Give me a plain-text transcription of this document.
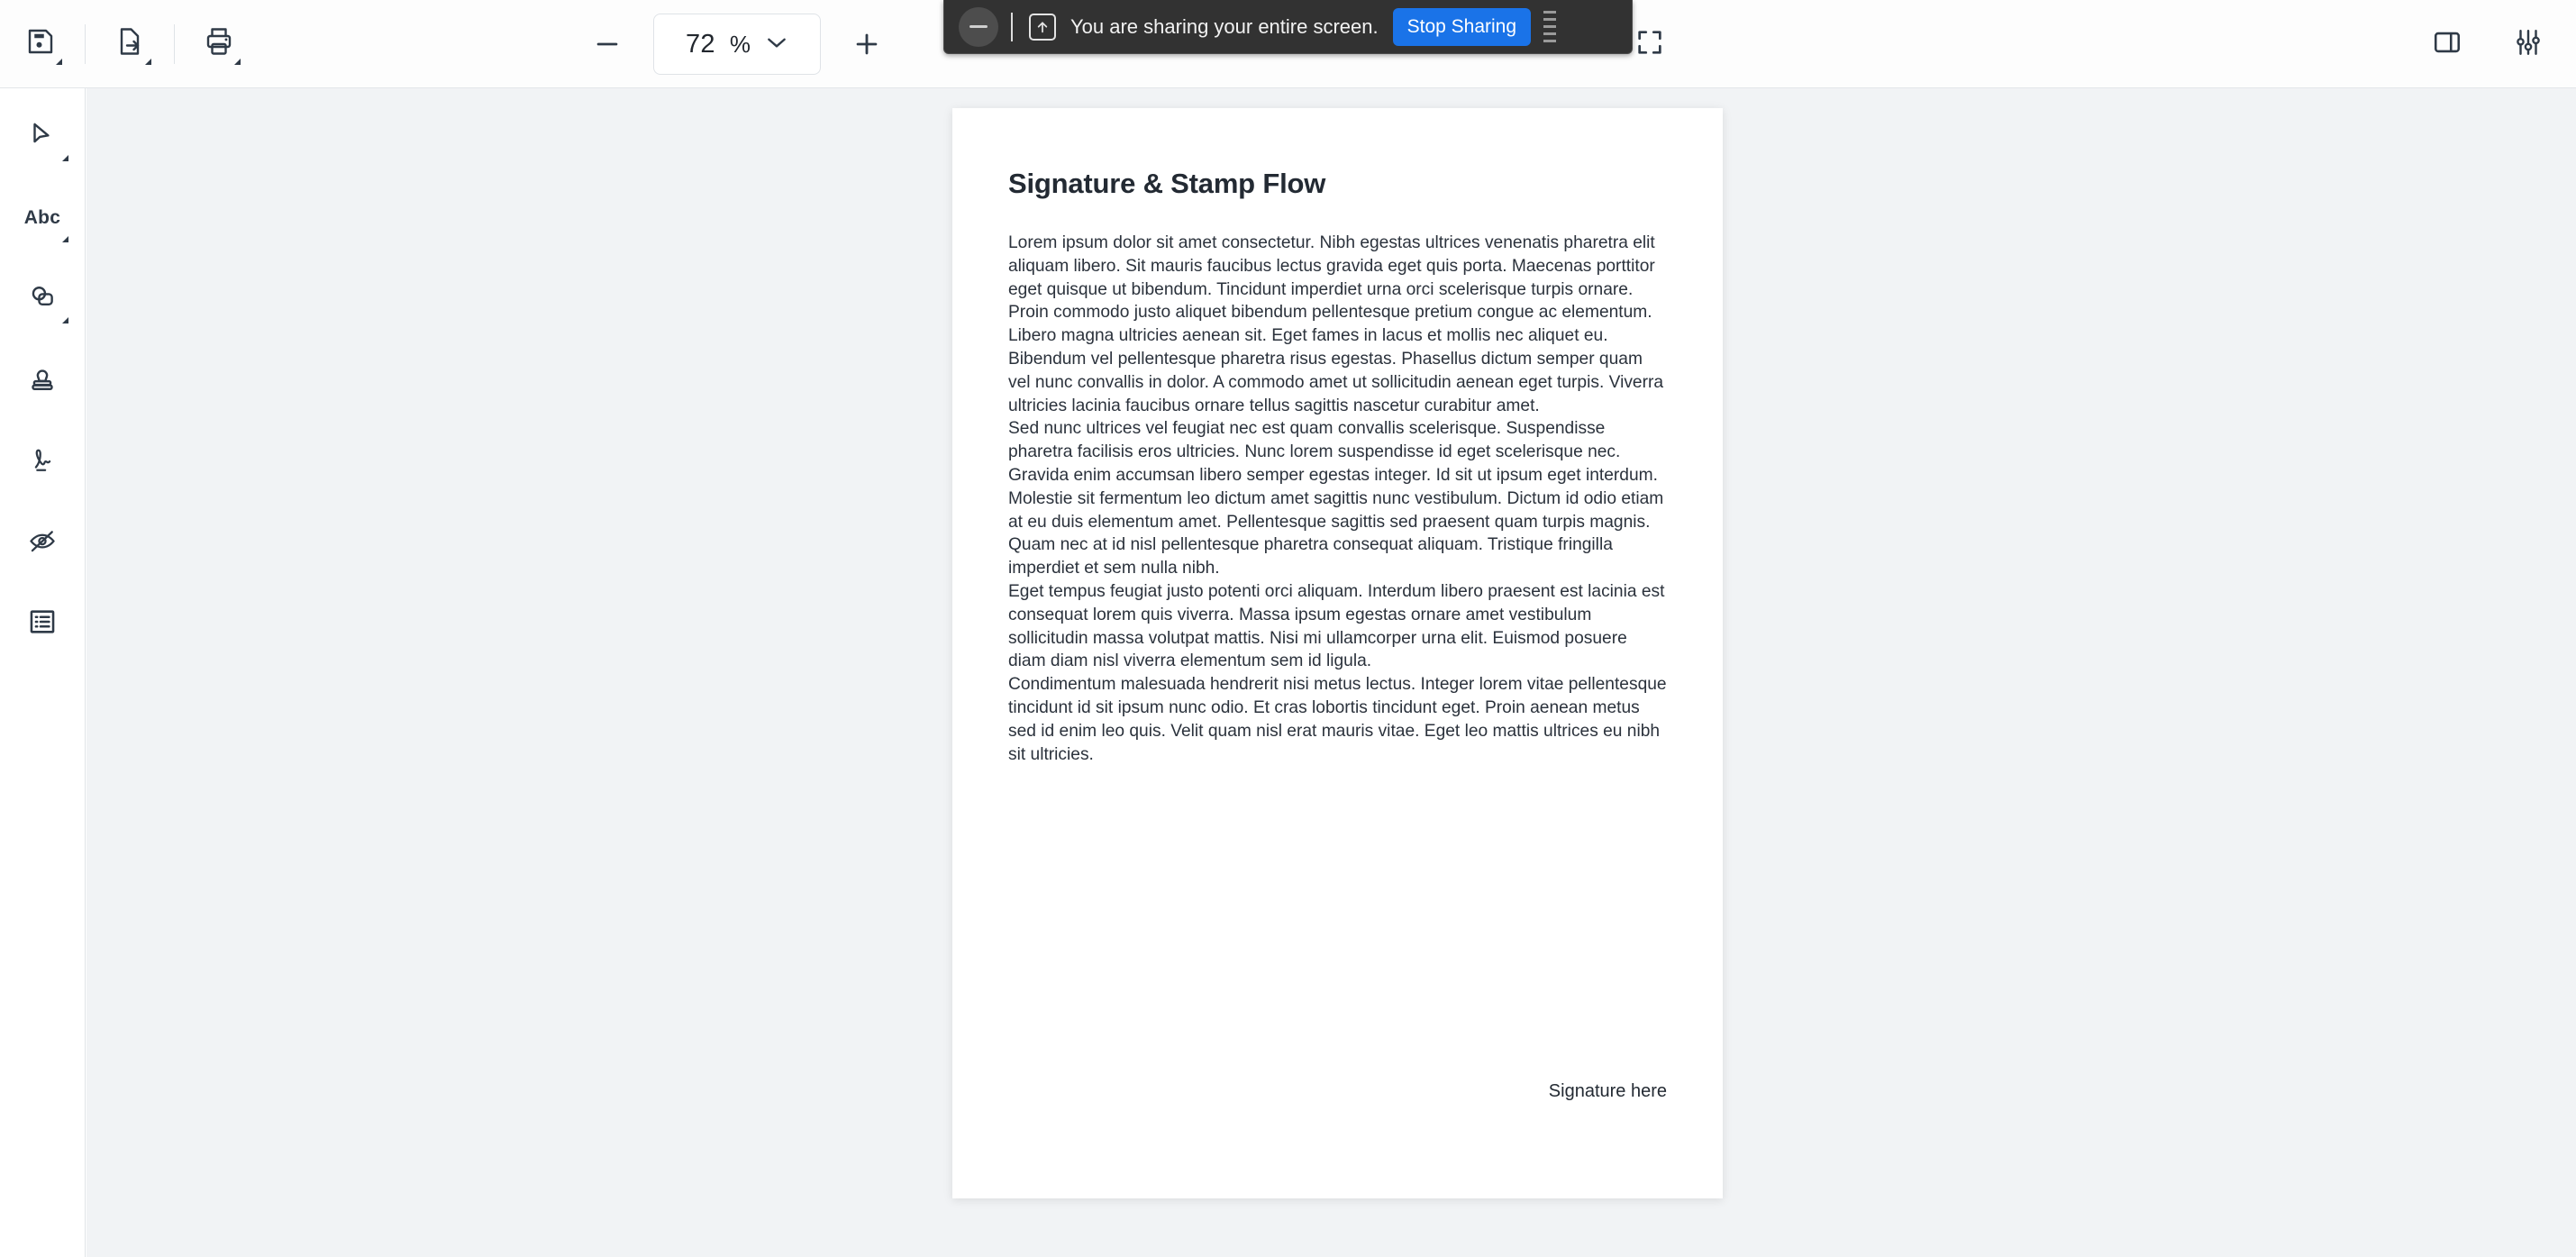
72 %
Abc
Signature & Stamp Flow
Lorem ipsum dolor sit amet consectetur. Nibh egestas ultrices venenatis pharetra elit aliquam libero. Sit mauris faucibus lectus gravida eget quis porta. Maecenas porttitor eget quisque ut bibendum. Tincidunt imperdiet urna orci scelerisque turpis ornare. Proin commodo justo aliquet bibendum pellentesque pretium congue ac elementum. Libero magna ultricies aenean sit. Eget fames in lacus et mollis nec aliquet eu. Bibendum vel pellentesque pharetra risus egestas. Phasellus dictum semper quam vel nunc convallis in dolor. A commodo amet ut sollicitudin aenean eget turpis. Viverra ultricies lacinia faucibus ornare tellus sagittis nascetur curabitur amet.
Sed nunc ultrices vel feugiat nec est quam convallis scelerisque. Suspendisse pharetra facilisis eros ultricies. Nunc lorem suspendisse id eget scelerisque nec. Gravida enim accumsan libero semper egestas integer. Id sit ut ipsum eget interdum. Molestie sit fermentum leo dictum amet sagittis nunc vestibulum. Dictum id odio etiam at eu duis elementum amet. Pellentesque sagittis sed praesent quam turpis magnis. Quam nec at id nisl pellentesque pharetra consequat aliquam. Tristique fringilla imperdiet et sem nulla nibh.
Eget tempus feugiat justo potenti orci aliquam. Interdum libero praesent est lacinia est consequat lorem quis viverra. Massa ipsum egestas ornare amet vestibulum sollicitudin massa volutpat mattis. Nisi mi ullamcorper urna elit. Euismod posuere diam diam nisl viverra elementum sem id ligula.
Condimentum malesuada hendrerit nisi metus lectus. Integer lorem vitae pellentesque tincidunt id sit ipsum nunc odio. Et cras lobortis tincidunt eget. Proin aenean metus sed id enim leo quis. Velit quam nisl erat mauris vitae. Eget leo mattis ultrices eu nibh sit ultricies.
Signature here
You are sharing your entire screen.	Stop Sharing
